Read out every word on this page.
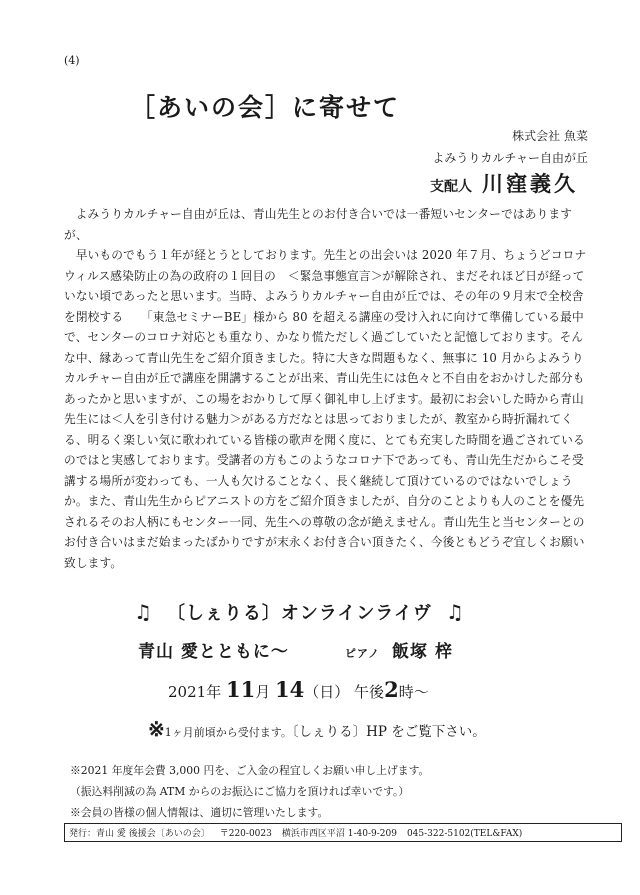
(4)
［あいの会］に寄せて
株式会社 魚菜
よみうりカルチャー自由が丘
支配人 川窪義久

よみうりカルチャー自由が丘は、青山先生とのお付き合いでは一番短いセンターではありますが、

早いものでもう１年が経とうとしております。先生との出会いは 2020 年７月、ちょうどコロナウィルス感染防止の為の政府の１回目の　＜緊急事態宣言＞が解除され、まだそれほど日が経っていない頃であったと思います。当時、よみうりカルチャー自由が丘では、その年の９月末で全校舎を閉校する　　「東急セミナーBE」様から 80 を超える講座の受け入れに向けて準備している最中で、センターのコロナ対応とも重なり、かなり慌ただしく過ごしていたと記憶しております。そんな中、縁あって青山先生をご紹介頂きました。特に大きな問題もなく、無事に 10 月からよみうりカルチャー自由が丘で講座を開講することが出来、青山先生には色々と不自由をおかけした部分もあったかと思いますが、この場をおかりして厚く御礼申し上げます。最初にお会いした時から青山先生には＜人を引き付ける魅力＞がある方だなとは思っておりましたが、教室から時折漏れてくる、明るく楽しい気に歌われている皆様の歌声を聞く度に、とても充実した時間を過ごされているのではと実感しております。受講者の方もこのようなコロナ下であっても、青山先生だからこそ受講する場所が変わっても、一人も欠けることなく、長く継続して頂けているのではないでしょうか。また、青山先生からピアニストの方をご紹介頂きましたが、自分のことよりも人のことを優先されるそのお人柄にもセンター一同、先生への尊敬の念が絶えません。青山先生と当センターとのお付き合いはまだ始まったばかりですが末永くお付き合い頂きたく、今後ともどうぞ宜しくお願い致します。

♫ 〔しぇりる〕オンラインライヴ ♫
青山 愛とともに～	ピアノ 飯塚 梓
2021年 11月 14（日） 午後2時～
※1ヶ月前頃から受付ます。〔しぇりる〕HP をご覧下さい。
※2021 年度年会費 3,000 円を、ご入金の程宜しくお願い申し上げます。
（振込料削減の為 ATM からのお振込にご協力を頂ければ幸いです。）
※会員の皆様の個人情報は、適切に管理いたします。
発行：青山 愛 後援会〔あいの会〕 〒220-0023 横浜市西区平沼 1-40-9-209 045-322-5102(TEL&FAX)
